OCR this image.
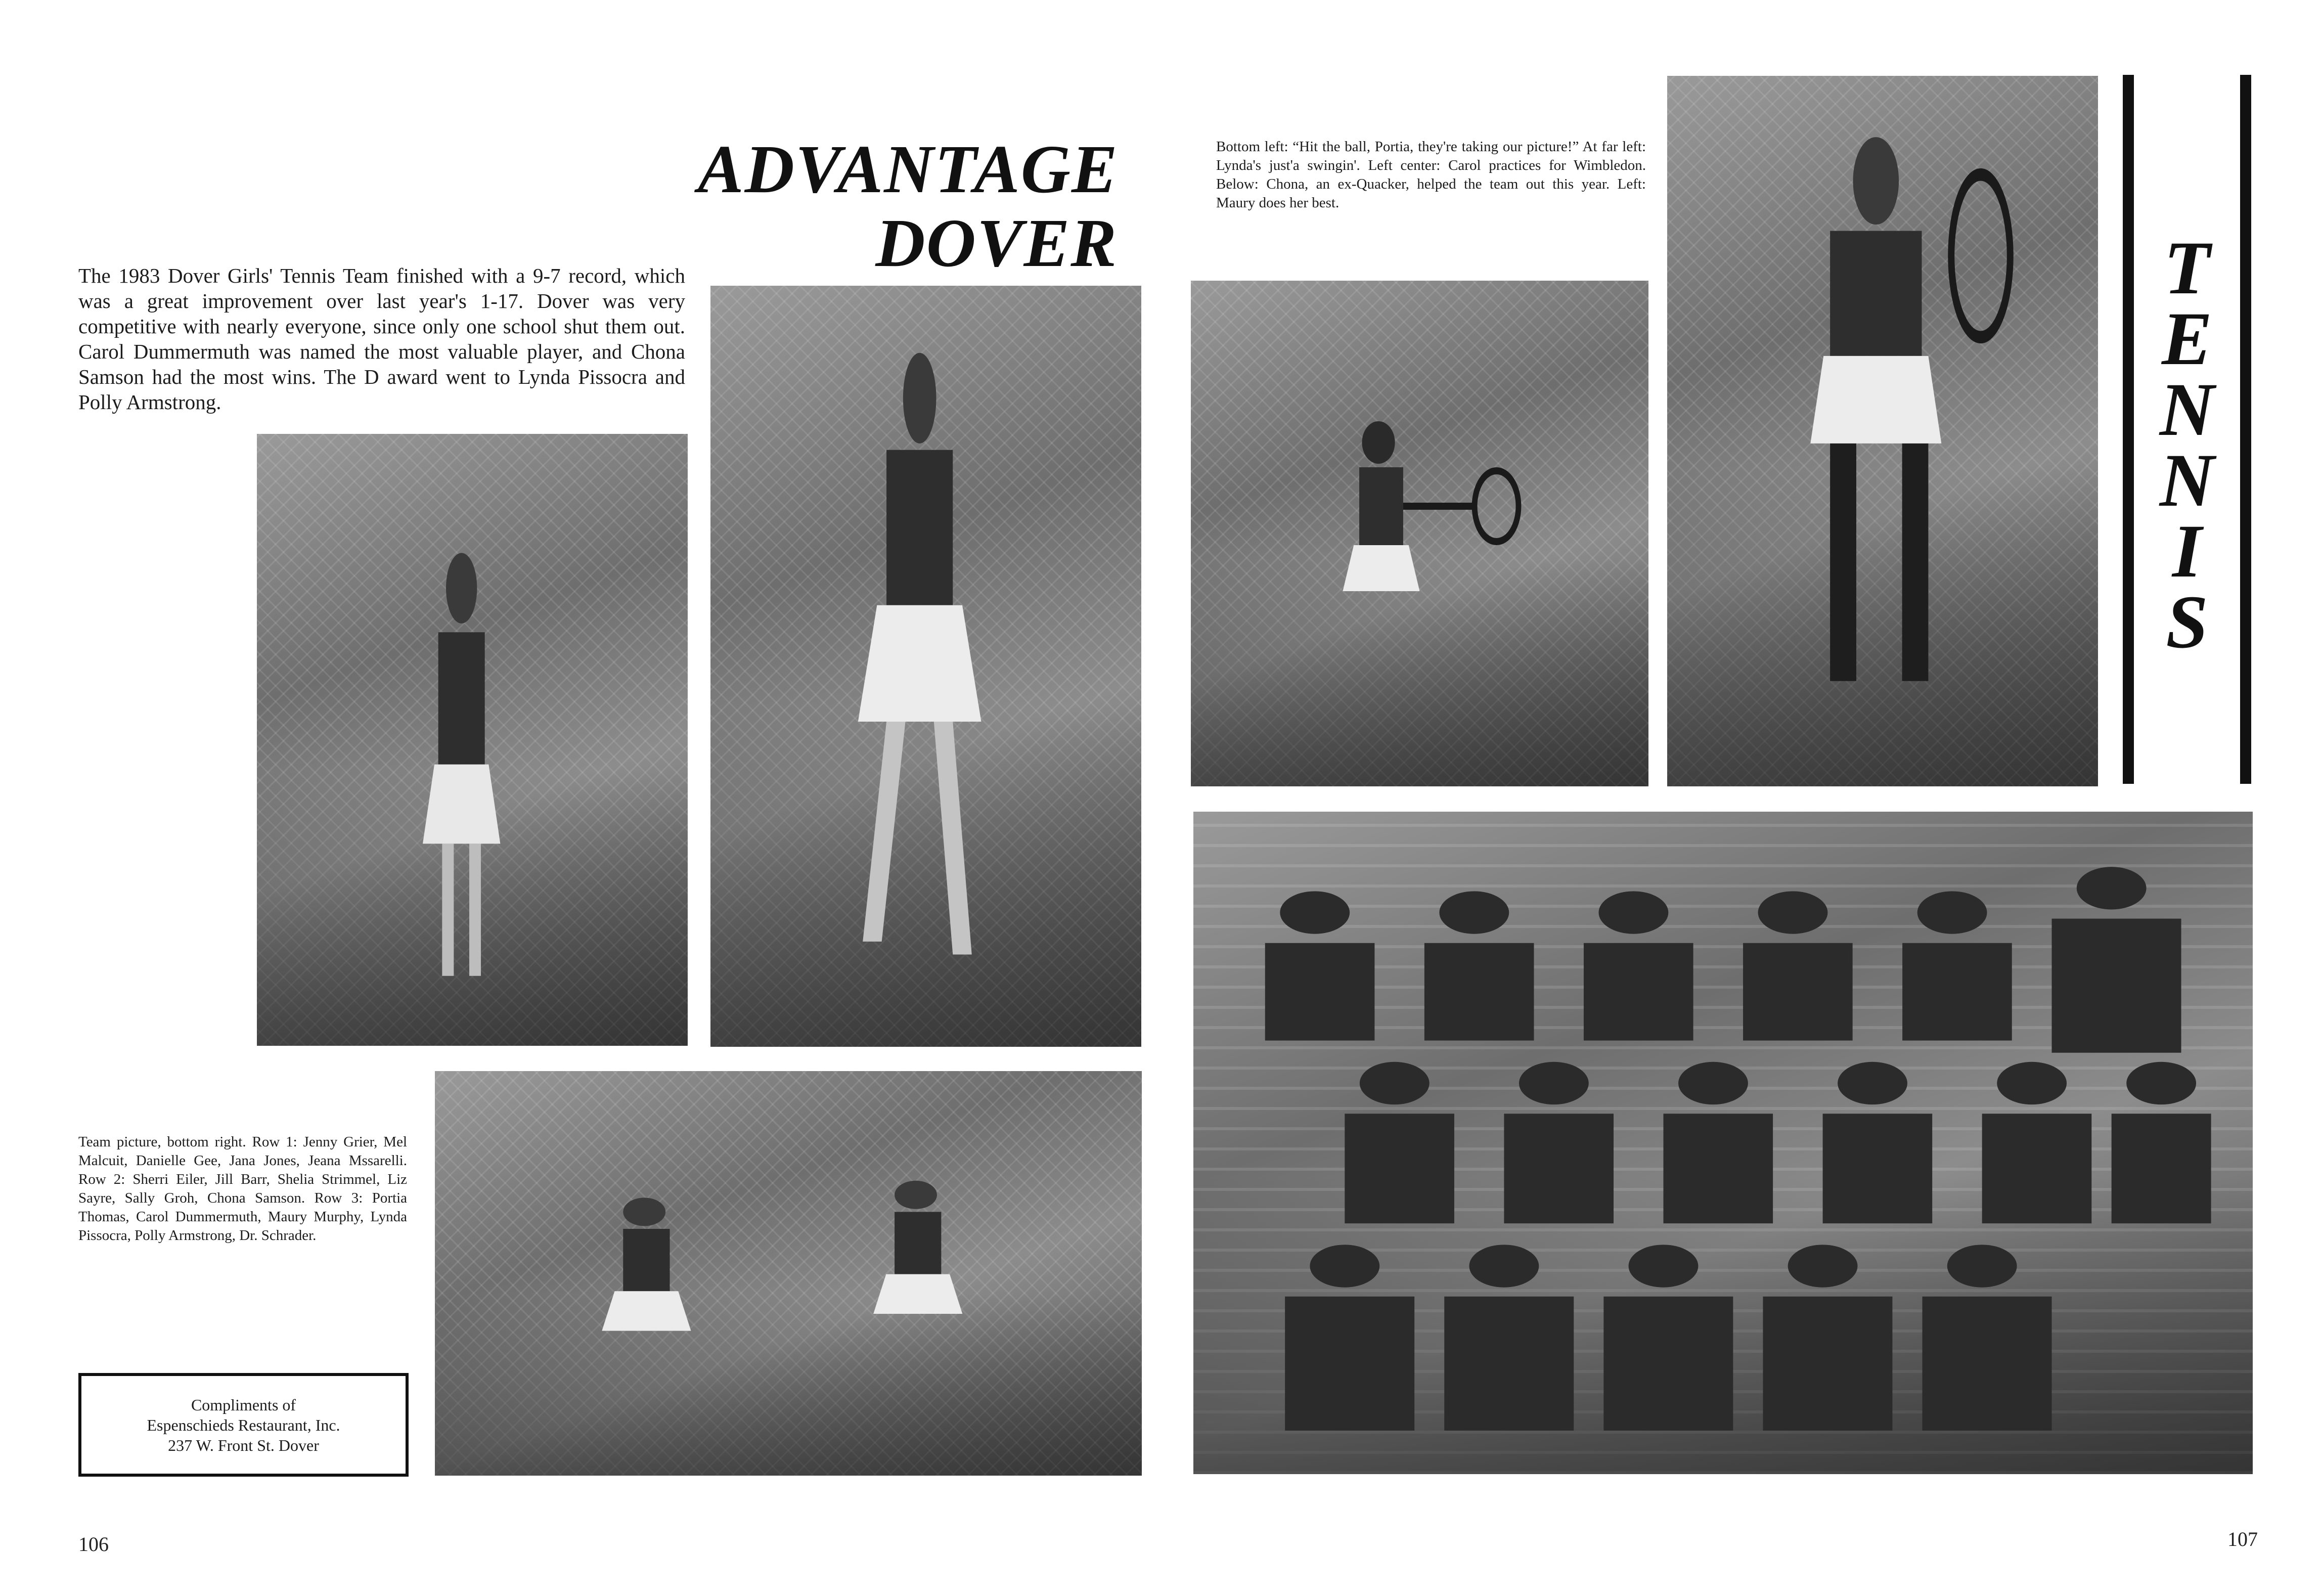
ADVANTAGE
DOVER
The 1983 Dover Girls' Tennis Team finished with a 9-7 record, which was a great improvement over last year's 1-17. Dover was very competitive with nearly everyone, since only one school shut them out. Carol Dummermuth was named the most valuable player, and Chona Samson had the most wins. The D award went to Lynda Pissocra and Polly Armstrong.
Team picture, bottom right. Row 1: Jenny Grier, Mel Malcuit, Danielle Gee, Jana Jones, Jeana Mssarelli. Row 2: Sherri Eiler, Jill Barr, Shelia Strimmel, Liz Sayre, Sally Groh, Chona Samson. Row 3: Portia Thomas, Carol Dummermuth, Maury Murphy, Lynda Pissocra, Polly Armstrong, Dr. Schrader.
Compliments of
Espenschieds Restaurant, Inc.
237 W. Front St. Dover
106
Bottom left: “Hit the ball, Portia, they're taking our picture!” At far left: Lynda's just'a swingin'. Left center: Carol practices for Wimbledon. Below: Chona, an ex-Quacker, helped the team out this year. Left: Maury does her best.
T
E
N
N
I
S
107
